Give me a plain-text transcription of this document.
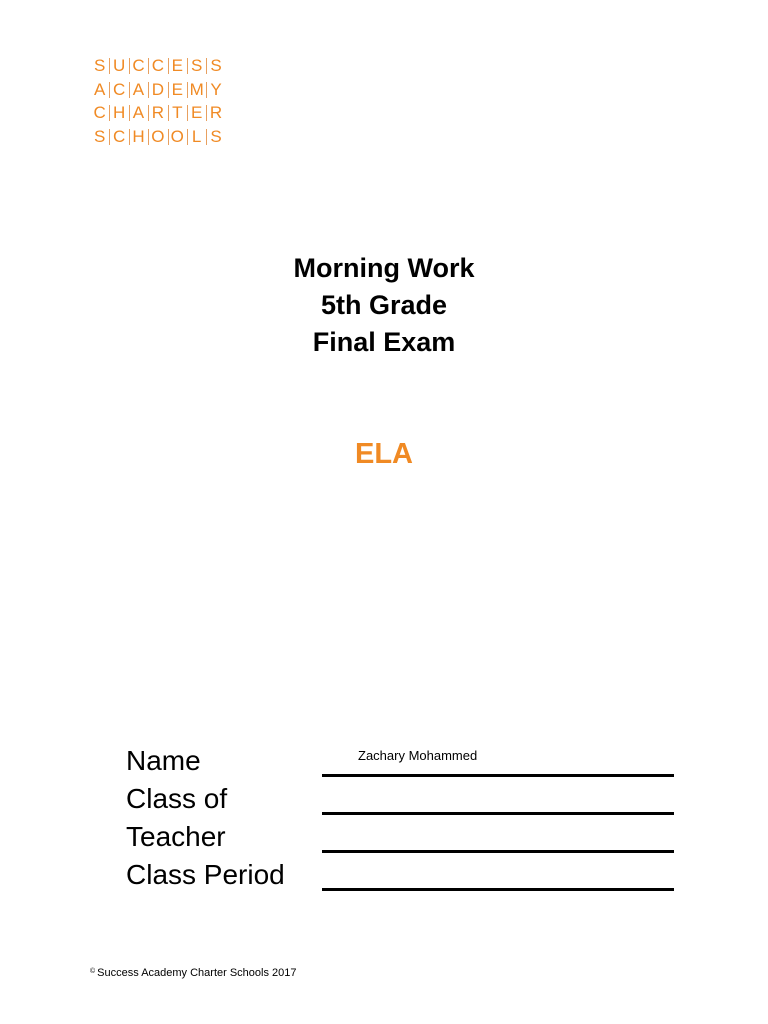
S U C C E S S
A C A D E M Y
C H A R T E R
S C H O O L S

Morning Work

5th Grade

Final Exam

ELA
Name	Zachary Mohammed
Class of
Teacher
Class Period
© Success Academy Charter Schools 2017
